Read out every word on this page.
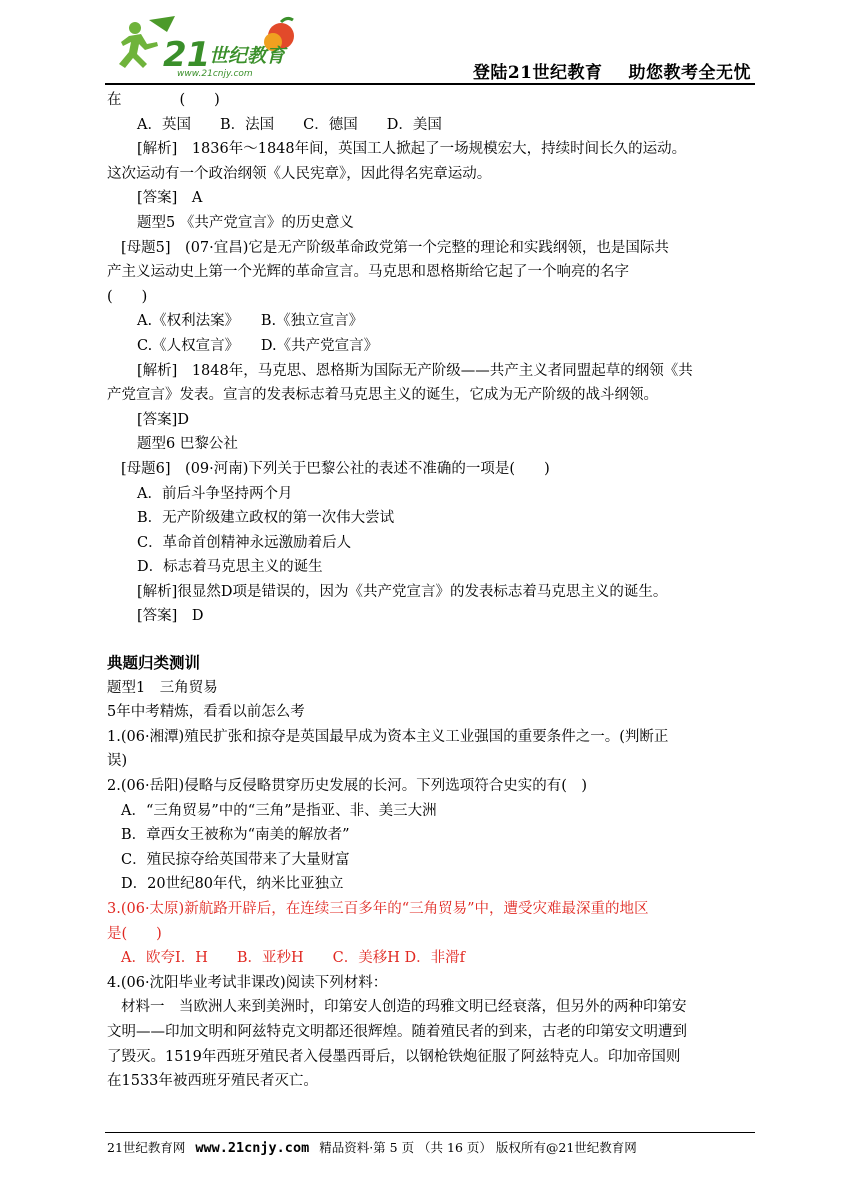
21
世纪教育
www.21cnjy.com	登陆21世纪教育 助您教考全无忧

在　　　　(　　)

A．英国　　B．法国　　C．德国　　D．美国

[解析]　1836年～1848年间，英国工人掀起了一场规模宏大，持续时间长久的运动。

这次运动有一个政治纲领《人民宪章》，因此得名宪章运动。

[答案]　A

题型5 《共产党宣言》的历史意义

[母题5]　(07·宜昌)它是无产阶级革命政党第一个完整的理论和实践纲领，也是国际共

产主义运动史上第一个光辉的革命宣言。马克思和恩格斯给它起了一个响亮的名字

(　　)

A.《权利法案》　　B.《独立宣言》

C.《人权宣言》　　D.《共产党宣言》

[解析]　1848年，马克思、恩格斯为国际无产阶级——共产主义者同盟起草的纲领《共

产党宣言》发表。宣言的发表标志着马克思主义的诞生，它成为无产阶级的战斗纲领。

[答案]D

题型6 巴黎公社

[母题6]　(09·河南)下列关于巴黎公社的表述不准确的一项是(　　)

A．前后斗争坚持两个月

B．无产阶级建立政权的第一次伟大尝试

C．革命首创精神永远激励着后人

D．标志着马克思主义的诞生

[解析]很显然D项是错误的，因为《共产党宣言》的发表标志着马克思主义的诞生。

[答案]　D

典题归类测训

题型1　三角贸易

5年中考精炼，看看以前怎么考

1.(06·湘潭)殖民扩张和掠夺是英国最早成为资本主义工业强国的重要条件之一。(判断正

误)

2.(06·岳阳)侵略与反侵略贯穿历史发展的长河。下列选项符合史实的有(　)

A．“三角贸易”中的“三角”是指亚、非、美三大洲

B．章西女王被称为“南美的解放者”

C．殖民掠夺给英国带来了大量财富

D．20世纪80年代，纳米比亚独立

3.(06·太原)新航路开辟后，在连续三百多年的“三角贸易”中，遭受灾难最深重的地区

是(　　)

A．欧夸I．H　　B．亚秒H　　C．美移H D．非滑f

4.(06·沈阳毕业考试非课改)阅读下列材料：

材料一　当欧洲人来到美洲时，印第安人创造的玛雅文明已经衰落，但另外的两种印第安

文明——印加文明和阿兹特克文明都还很辉煌。随着殖民者的到来，古老的印第安文明遭到

了毁灭。1519年西班牙殖民者入侵墨西哥后，以钢枪铁炮征服了阿兹特克人。印加帝国则

在1533年被西班牙殖民者灭亡。

21世纪教育网 www.21cnjy.com 精品资料·第 5 页 （共 16 页） 版权所有@21世纪教育网
